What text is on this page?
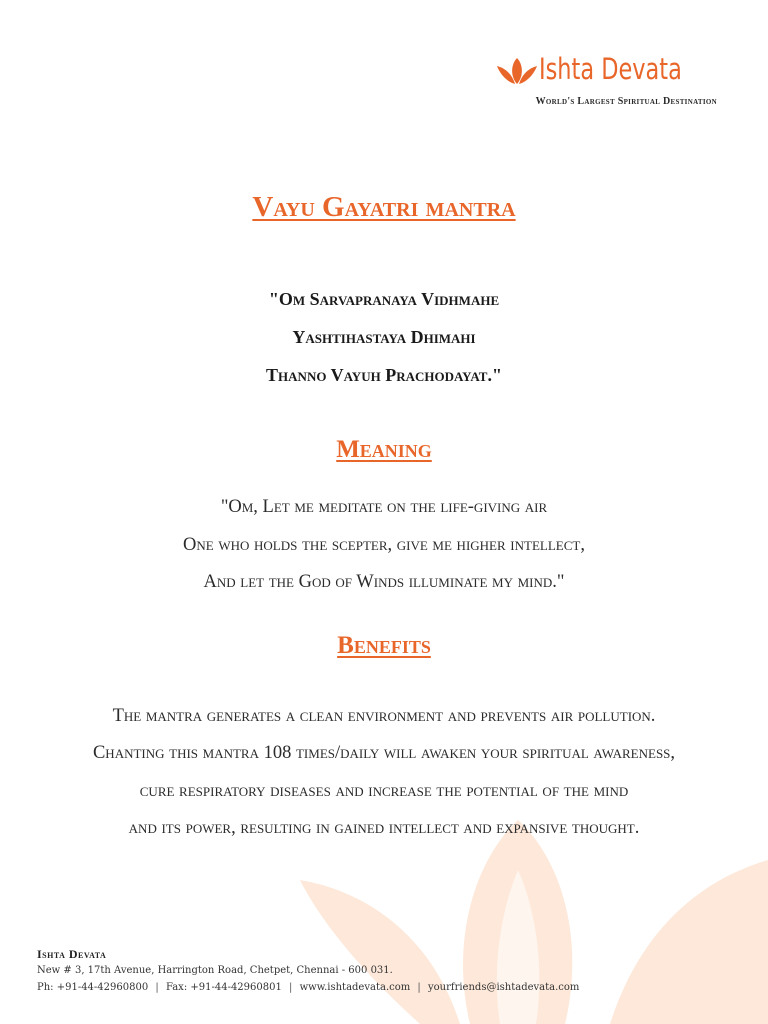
Ishta Devata
World's Largest Spiritual Destination
Vayu Gayatri mantra
"Om Sarvapranaya Vidhmahe
Yashtihastaya Dhimahi
Thanno Vayuh Prachodayat."
Meaning
"Om, Let me meditate on the life-giving air
One who holds the scepter, give me higher intellect,
And let the God of Winds illuminate my mind."
Benefits
The mantra generates a clean environment and prevents air pollution.
Chanting this mantra 108 times/daily will awaken your spiritual awareness,
cure respiratory diseases and increase the potential of the mind
and its power, resulting in gained intellect and expansive thought.
Ishta Devata
New # 3, 17th Avenue, Harrington Road, Chetpet, Chennai - 600 031.
Ph: +91-44-42960800 | Fax: +91-44-42960801 | www.ishtadevata.com | yourfriends@ishtadevata.com
